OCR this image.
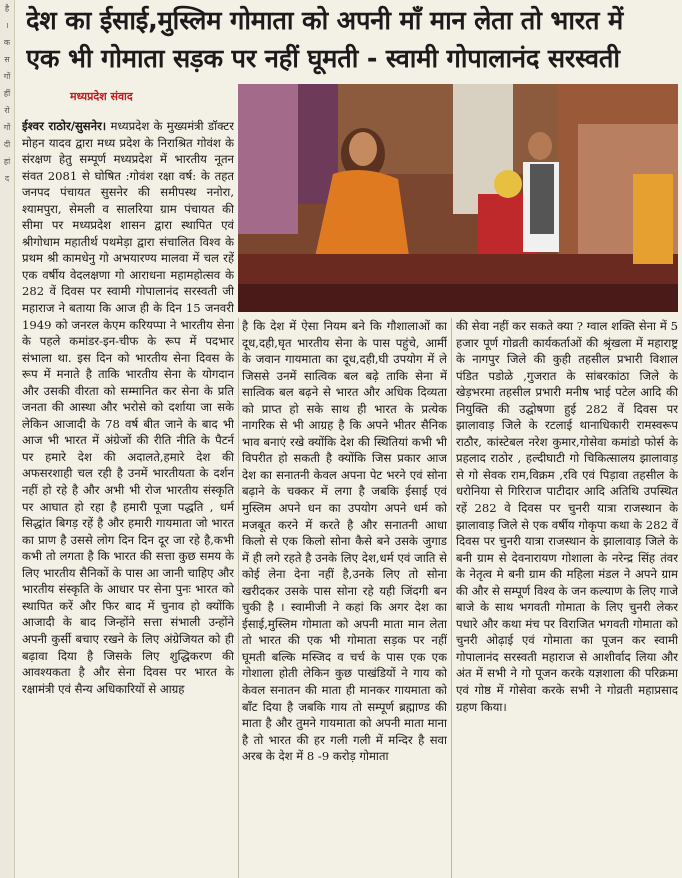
है
।
क
स
गों
हीं
रो
गों
दी
हां
द
देश का ईसाई,मुस्लिम गोमाता को अपनी माँ मान लेता तो भारत में
एक भी गोमाता सड़क पर नहीं घूमती - स्वामी गोपालानंद सरस्वती
मध्यप्रदेश संवाद

ईश्वर राठोर/सुसनेर। मध्यप्रदेश के मुख्यमंत्री डॉक्टर मोहन यादव द्वारा मध्य प्रदेश के निराश्रित गोवंश के संरक्षण हेतु सम्पूर्ण मध्यप्रदेश में भारतीय नूतन संवत 2081 से घोषित :गोवंश रक्षा वर्ष: के तहत जनपद पंचायत सुसनेर की समीपस्थ ननोरा, श्यामपुरा, सेमली व सालरिया ग्राम पंचायत की सीमा पर मध्यप्रदेश शासन द्वारा स्थापित एवं श्रीगोधाम महातीर्थ पथमेड़ा द्वारा संचालित विश्व के प्रथम श्री कामधेनु गो अभयारण्य मालवा में चल रहें एक वर्षीय वेदलक्षणा गो आराधना महामहोत्सव के 282 वें दिवस पर स्वामी गोपालानंद सरस्वती जी महाराज ने बताया कि आज ही के दिन 15 जनवरी 1949 को जनरल केएम करियप्पा ने भारतीय सेना के पहले कमांडर-इन-चीफ के रूप में पदभार संभाला था. इस दिन को भारतीय सेना दिवस के रूप में मनाते है ताकि भारतीय सेना के योगदान और उसकी वीरता को सम्मानित कर सेना के प्रति जनता की आस्था और भरोसे को दर्शाया जा सके लेकिन आजादी के 78 वर्ष बीत जाने के बाद भी आज भी भारत में अंग्रेजों की रीति नीति के पैटर्न पर हमारे देश की अदालते,हमारे देश की अफसरशाही चल रही है उनमें भारतीयता के दर्शन नहीं हो रहे है और अभी भी रोज भारतीय संस्कृति पर आघात हो रहा है हमारी पूजा पद्धति , धर्म सिद्धांत बिगड़ रहें है और हमारी गायमाता जो भारत का प्राण है उससे लोग दिन दिन दूर जा रहे है,कभी कभी तो लगता है कि भारत की सत्ता कुछ समय के लिए भारतीय सैनिकों के पास आ जानी चाहिए और भारतीय संस्कृति के आधार पर सेना पुनः भारत को स्थापित करें और फिर बाद में चुनाव हो क्योंकि आजादी के बाद जिन्होंने सत्ता संभाली उन्होंने अपनी कुर्सी बचाए रखने के लिए अंग्रेजियत को ही बढ़ावा दिया है जिसके लिए शुद्धिकरण की आवश्यकता है और सेना दिवस पर भारत के रक्षामंत्री एवं सैन्य अधिकारियों से आग्रह

है कि देश में ऐसा नियम बने कि गौशालाओं का दूध,दही,घृत भारतीय सेना के पास पहुंचे, आर्मी के जवान गायमाता का दूध,दही,घी उपयोग में ले जिससे उनमें सात्विक बल बढ़े ताकि सेना में सात्विक बल बढ़ने से भारत और अधिक दिव्यता को प्राप्त हो सके साथ ही भारत के प्रत्येक नागरिक से भी आग्रह है कि अपने भीतर सैनिक भाव बनाएं रखे क्योंकि देश की स्थितियां कभी भी विपरीत हो सकती है क्योंकि जिस प्रकार आज देश का सनातनी केवल अपना पेट भरने एवं सोना बढ़ाने के चक्कर में लगा है जबकि ईसाई एवं मुस्लिम अपने धन का उपयोग अपने धर्म को मजबूत करने में करते है और सनातनी आधा किलो से एक किलो सोना कैसे बने उसके जुगाड में ही लगे रहते है उनके लिए देश,धर्म एवं जाति से कोई लेना देना नहीं है,उनके लिए तो सोना खरीदकर उसके पास सोना रहे यही जिंदगी बन चुकी है । स्वामीजी ने कहां कि अगर देश का ईसाई,मुस्लिम गोमाता को अपनी माता मान लेता तो भारत की एक भी गोमाता सड़क पर नहीं घूमती बल्कि मस्जिद व चर्च के पास एक एक गोशाला होती लेकिन कुछ पाखंडियों ने गाय को केवल सनातन की माता ही मानकर गायमाता को बाँट दिया है जबकि गाय तो सम्पूर्ण ब्रह्माण्ड की माता है और तुमने गायमाता को अपनी माता माना है तो भारत की हर गली गली में मन्दिर है सवा अरब के देश में 8 -9 करोड़ गोमाता

की सेवा नहीं कर सकते क्या ? ग्वाल शक्ति सेना में 5 हजार पूर्ण गोव्रती कार्यकर्ताओं की श्रृंखला में महाराष्ट्र के नागपुर जिले की कुही तहसील प्रभारी विशाल पंडित पडोळे ,गुजरात के सांबरकांठा जिले के खेड़भरमा तहसील प्रभारी मनीष भाई पटेल आदि की नियुक्ति की उद्घोषणा हुई 282 वें दिवस पर झालावाड़ जिले के रटलाई थानाधिकारी रामस्वरूप राठौर, कांस्टेबल नरेश कुमार,गोसेवा कमांडो फोर्स के प्रहलाद राठोर , हल्दीघाटी गो चिकित्सालय झालावाड़ से गो सेवक राम,विक्रम ,रवि एवं पिड़ावा तहसील के धरोनिया से गिरिराज पाटीदार आदि अतिथि उपस्थित रहें 282 वे दिवस पर चुनरी यात्रा राजस्थान के झालावाड़ जिले से एक वर्षीय गोकृपा कथा के 282 वें दिवस पर चुनरी यात्रा राजस्थान के झालावाड़ जिले के बनी ग्राम से देवनारायण गोशाला के नरेन्द्र सिंह तंवर के नेतृत्व मे बनी ग्राम की महिला मंडल ने अपने ग्राम की और से सम्पूर्ण विश्व के जन कल्याण के लिए गाजे बाजे के साथ भगवती गोमाता के लिए चुनरी लेकर पधारे और कथा मंच पर विराजित भगवती गोमाता को चुनरी ओढ़ाई एवं गोमाता का पूजन कर स्वामी गोपालानंद सरस्वती महाराज से आशीर्वाद लिया और अंत में सभी ने गो पूजन करके यज्ञशाला की परिक्रमा एवं गोष्ठ में गोसेवा करके सभी ने गोव्रती महाप्रसाद ग्रहण किया।
